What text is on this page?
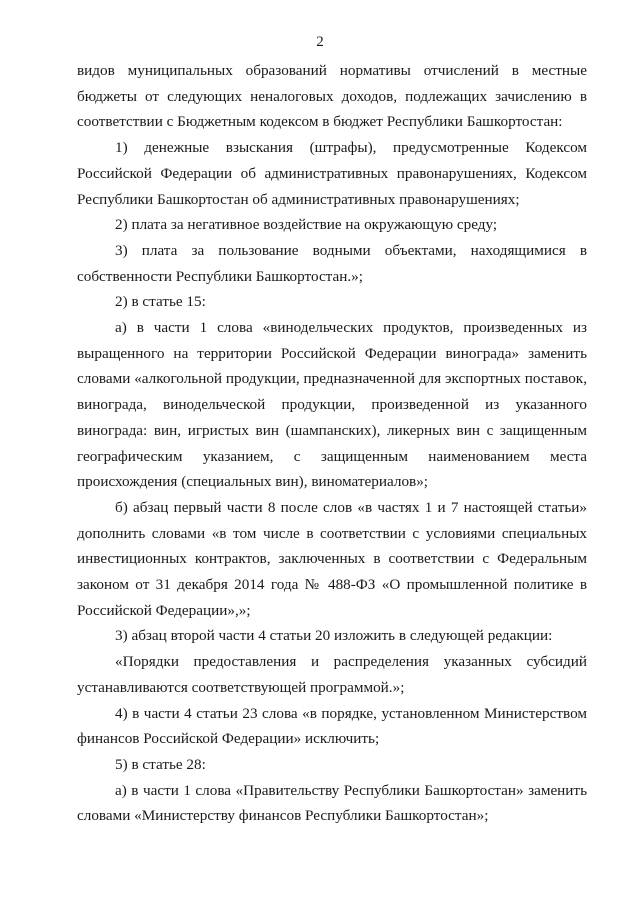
2

видов муниципальных образований нормативы отчислений в местные бюджеты от следующих неналоговых доходов, подлежащих зачислению в соответствии с Бюджетным кодексом в бюджет Республики Башкортостан:

1) денежные взыскания (штрафы), предусмотренные Кодексом Российской Федерации об административных правонарушениях, Кодексом Республики Башкортостан об административных правонарушениях;

2) плата за негативное воздействие на окружающую среду;

3) плата за пользование водными объектами, находящимися в собственности Республики Башкортостан.»;

2) в статье 15:

а) в части 1 слова «винодельческих продуктов, произведенных из выращенного на территории Российской Федерации винограда» заменить словами «алкогольной продукции, предназначенной для экспортных поставок, винограда, винодельческой продукции, произведенной из указанного винограда: вин, игристых вин (шампанских), ликерных вин с защищенным географическим указанием, с защищенным наименованием места происхождения (специальных вин), виноматериалов»;

б) абзац первый части 8 после слов «в частях 1 и 7 настоящей статьи» дополнить словами «в том числе в соответствии с условиями специальных инвестиционных контрактов, заключенных в соответствии с Федеральным законом от 31 декабря 2014 года № 488-ФЗ «О промышленной политике в Российской Федерации»,»;

3) абзац второй части 4 статьи 20 изложить в следующей редакции:

«Порядки предоставления и распределения указанных субсидий устанавливаются соответствующей программой.»;

4) в части 4 статьи 23 слова «в порядке, установленном Министерством финансов Российской Федерации» исключить;

5) в статье 28:

а) в части 1 слова «Правительству Республики Башкортостан» заменить словами «Министерству финансов Республики Башкортостан»;
